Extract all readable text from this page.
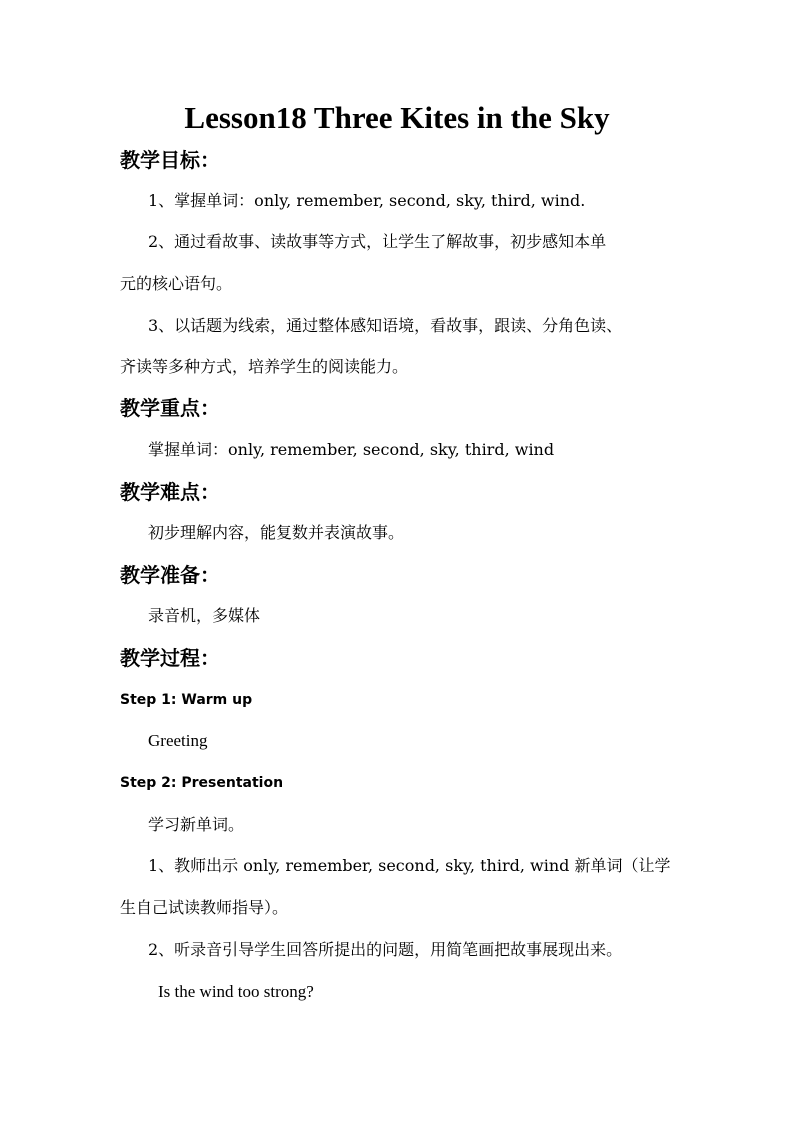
Lesson18 Three Kites in the Sky
教学目标：
1、掌握单词：only, remember, second, sky, third, wind.
2、通过看故事、读故事等方式，让学生了解故事，初步感知本单
元的核心语句。
3、以话题为线索，通过整体感知语境，看故事，跟读、分角色读、
齐读等多种方式，培养学生的阅读能力。
教学重点：
掌握单词：only, remember, second, sky, third, wind
教学难点：
初步理解内容，能复数并表演故事。
教学准备：
录音机，多媒体
教学过程：
Step 1: Warm up
Greeting
Step 2: Presentation
学习新单词。
1、教师出示 only, remember, second, sky, third, wind 新单词（让学
生自己试读教师指导）。
2、听录音引导学生回答所提出的问题，用简笔画把故事展现出来。
Is the wind too strong?
